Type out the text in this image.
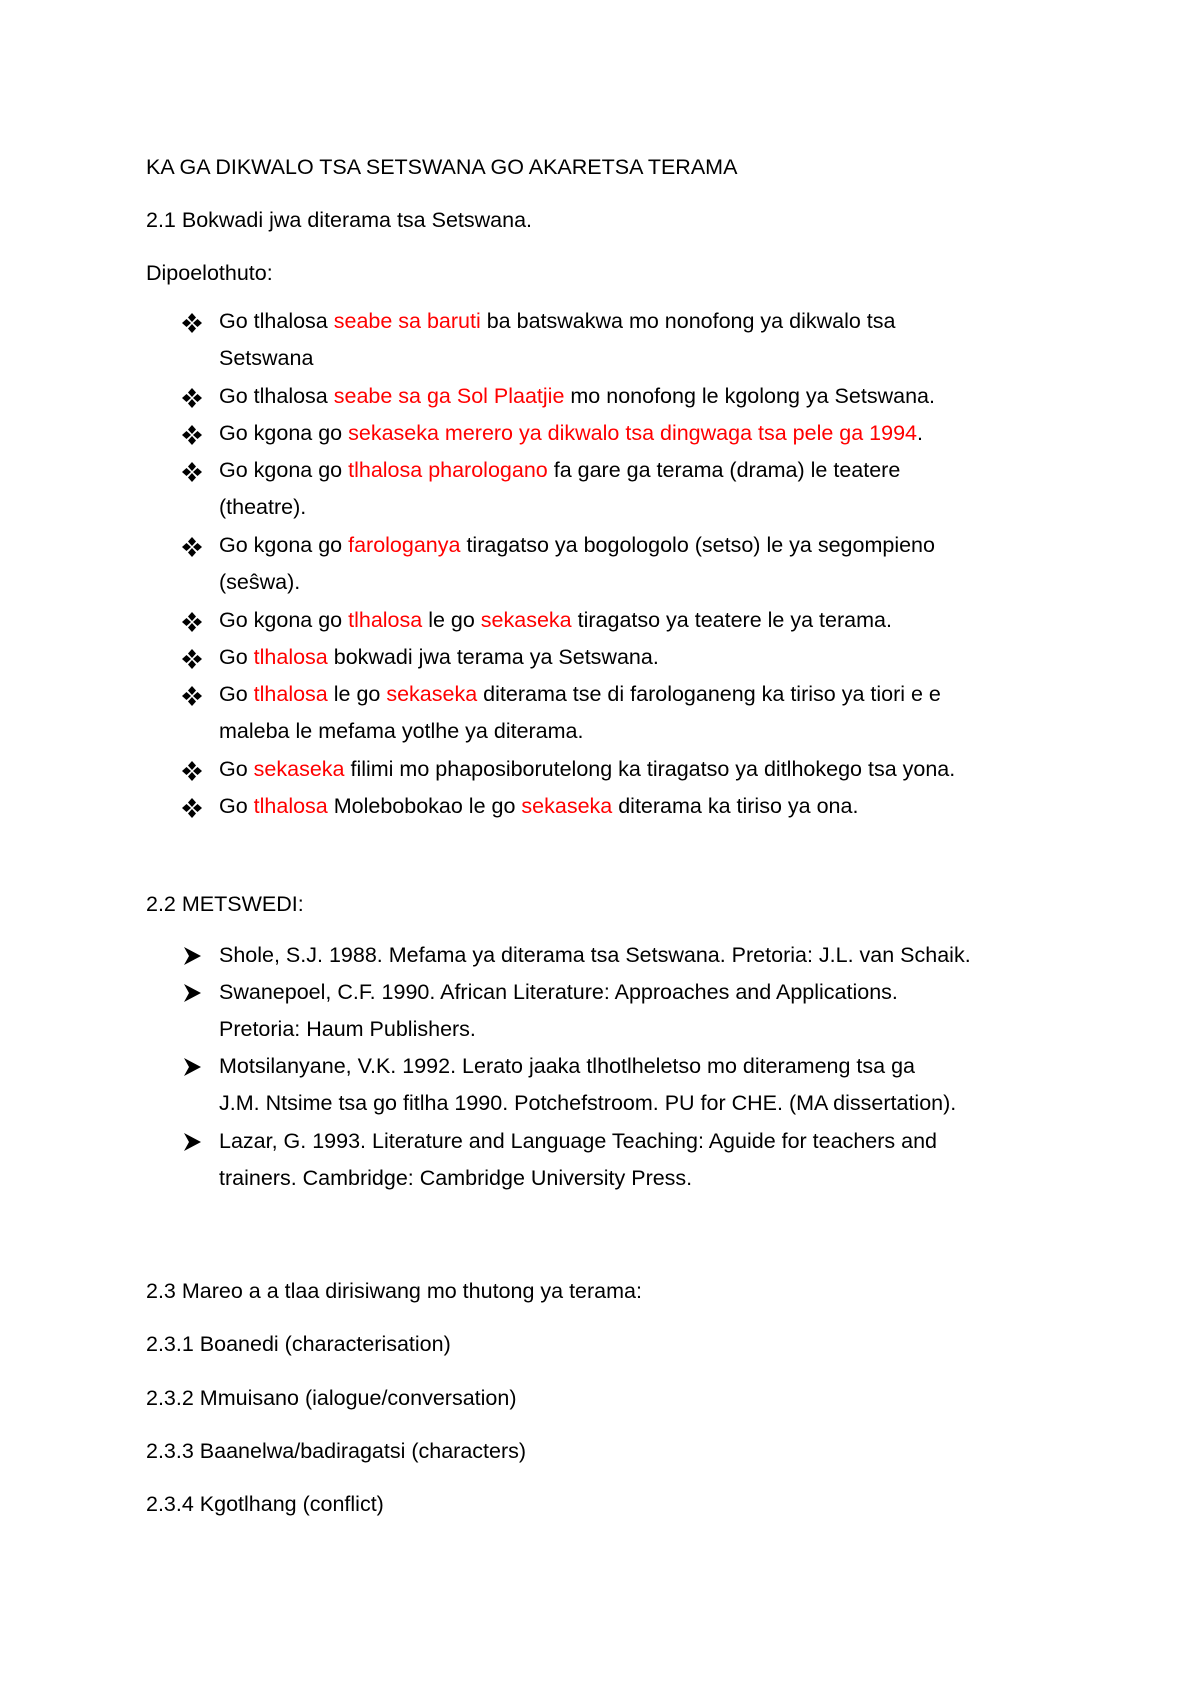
KA GA DIKWALO TSA SETSWANA GO AKARETSA TERAMA

2.1 Bokwadi jwa diterama tsa Setswana.

Dipoelothuto:

Go tlhalosa seabe sa baruti ba batswakwa mo nonofong ya dikwalo tsa
Setswana

Go tlhalosa seabe sa ga Sol Plaatjie mo nonofong le kgolong ya Setswana.

Go kgona go sekaseka merero ya dikwalo tsa dingwaga tsa pele ga 1994.

Go kgona go tlhalosa pharologano fa gare ga terama (drama) le teatere
(theatre).

Go kgona go farologanya tiragatso ya bogologolo (setso) le ya segompieno
(seŝwa).

Go kgona go tlhalosa le go sekaseka tiragatso ya teatere le ya terama.

Go tlhalosa bokwadi jwa terama ya Setswana.

Go tlhalosa le go sekaseka diterama tse di farologaneng ka tiriso ya tiori e e
maleba le mefama yotlhe ya diterama.

Go sekaseka filimi mo phaposiborutelong ka tiragatso ya ditlhokego tsa yona.

Go tlhalosa Molebobokao le go sekaseka diterama ka tiriso ya ona.

2.2 METSWEDI:

Shole, S.J. 1988. Mefama ya diterama tsa Setswana. Pretoria: J.L. van Schaik.

Swanepoel, C.F. 1990. African Literature: Approaches and Applications.
Pretoria: Haum Publishers.

Motsilanyane, V.K. 1992. Lerato jaaka tlhotlheletso mo diterameng tsa ga
J.M. Ntsime tsa go fitlha 1990. Potchefstroom. PU for CHE. (MA dissertation).

Lazar, G. 1993. Literature and Language Teaching: Aguide for teachers and
trainers. Cambridge: Cambridge University Press.

2.3 Mareo a a tlaa dirisiwang mo thutong ya terama:

2.3.1 Boanedi (characterisation)

2.3.2 Mmuisano (ialogue/conversation)

2.3.3 Baanelwa/badiragatsi (characters)

2.3.4 Kgotlhang (conflict)
